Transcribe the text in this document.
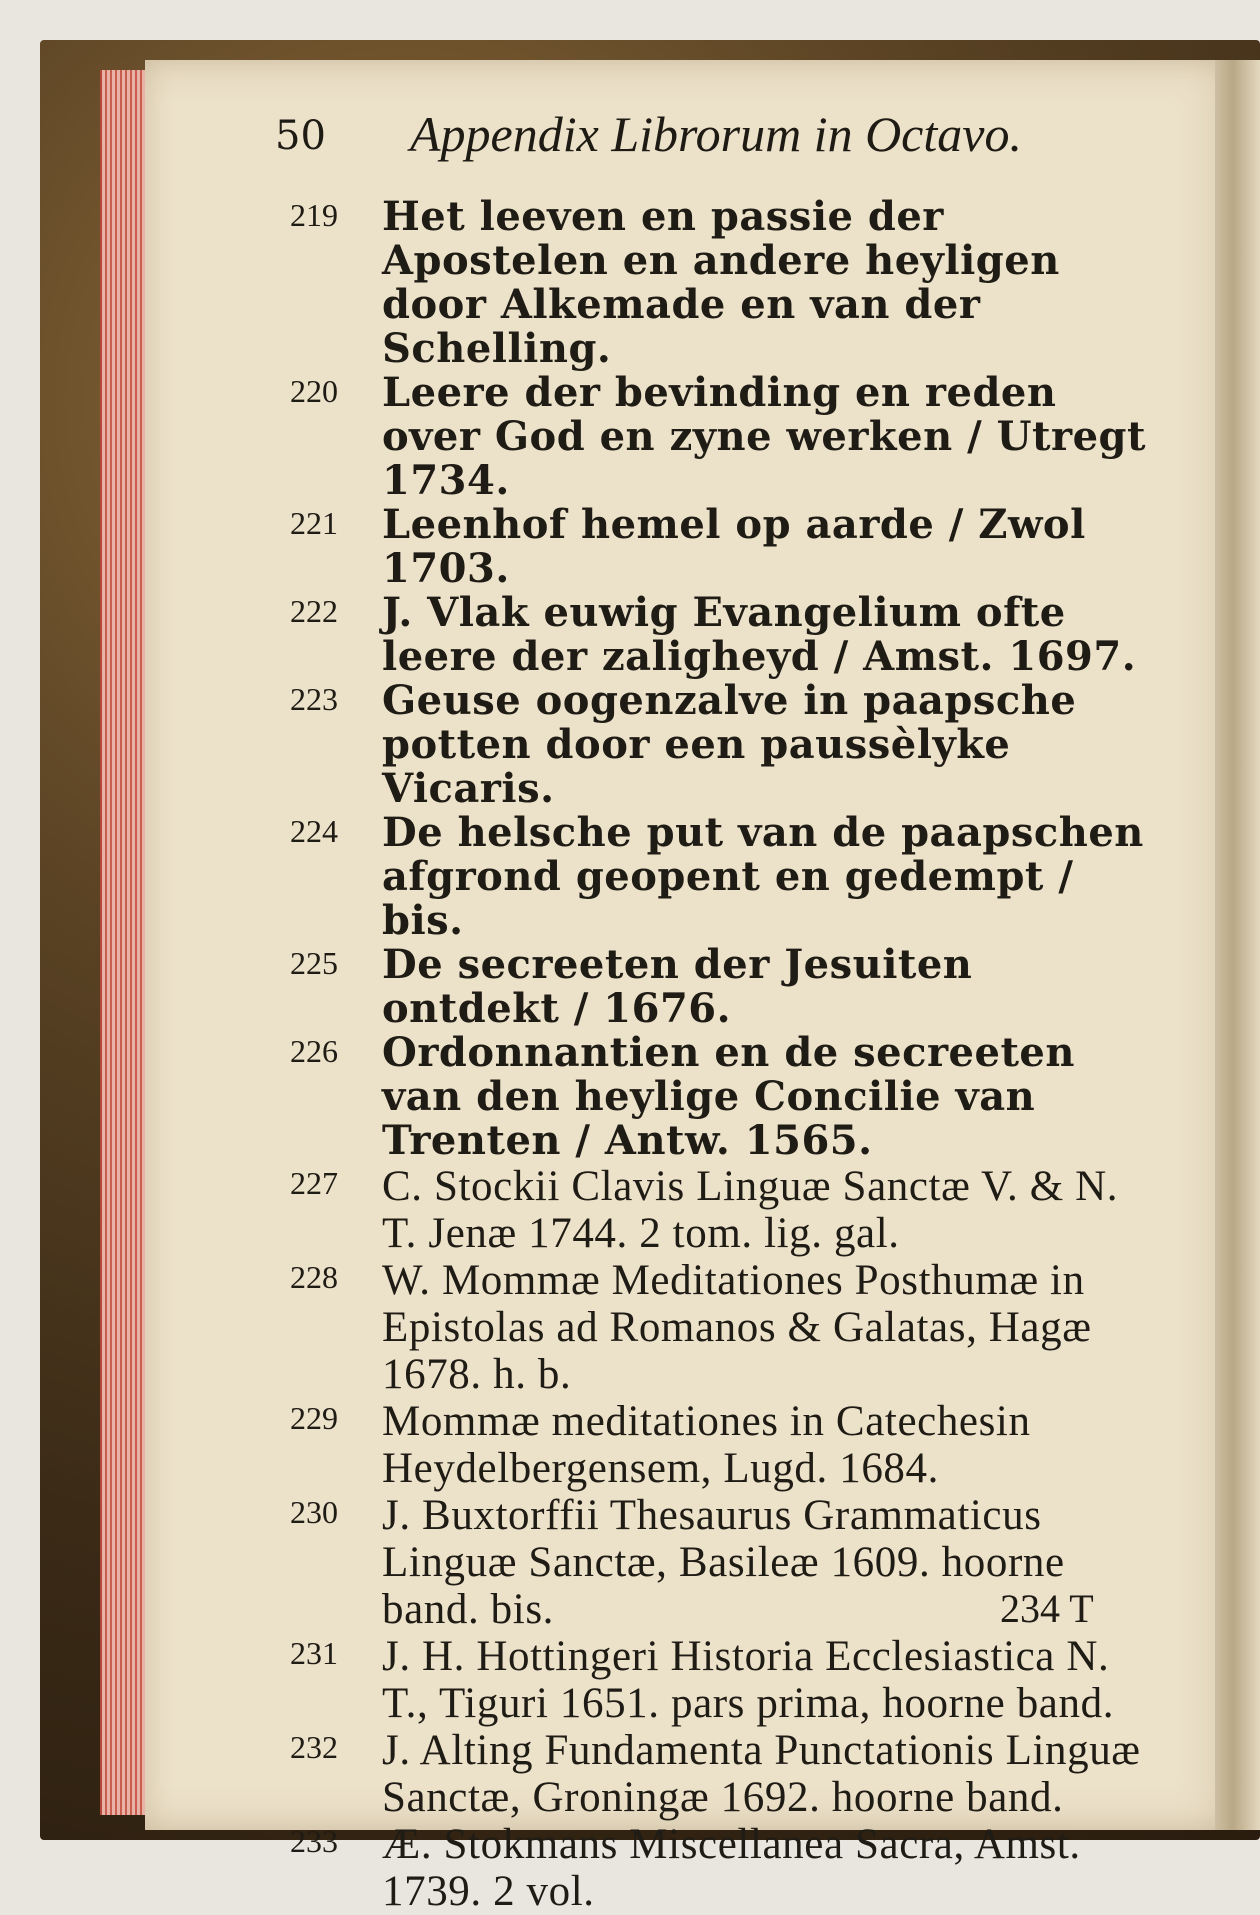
50 Appendix Librorum in Octavo.

219	Het leeven en passie der Apostelen en andere heyligen door Alkemade en van der Schelling.

220	Leere der bevinding en reden over God en zyne werken / Utregt 1734.

221	Leenhof hemel op aarde / Zwol 1703.

222	J. Vlak euwig Evangelium ofte leere der zaligheyd / Amst. 1697.

223	Geuse oogenzalve in paapsche potten door een paussèlyke Vicaris.

224	De helsche put van de paapschen afgrond geopent en gedempt / bis.

225	De secreeten der Jesuiten ontdekt / 1676.

226	Ordonnantien en de secreeten van den heylige Concilie van Trenten / Antw. 1565.

227	C. Stockii Clavis Linguæ Sanctæ V. & N. T. Jenæ 1744. 2 tom. lig. gal.

228	W. Mommæ Meditationes Posthumæ in Epistolas ad Romanos & Galatas, Hagæ 1678. h. b.

229	Mommæ meditationes in Catechesin Heydelbergensem, Lugd. 1684.

230	J. Buxtorffii Thesaurus Grammaticus Linguæ Sanctæ, Basileæ 1609. hoorne band. bis.

231	J. H. Hottingeri Historia Ecclesiastica N. T., Tiguri 1651. pars prima, hoorne band.

232	J. Alting Fundamenta Punctationis Linguæ Sanctæ, Groningæ 1692. hoorne band.

233	Æ. Stokmans Miscellanea Sacra, Amst. 1739. 2 vol.

234 T
